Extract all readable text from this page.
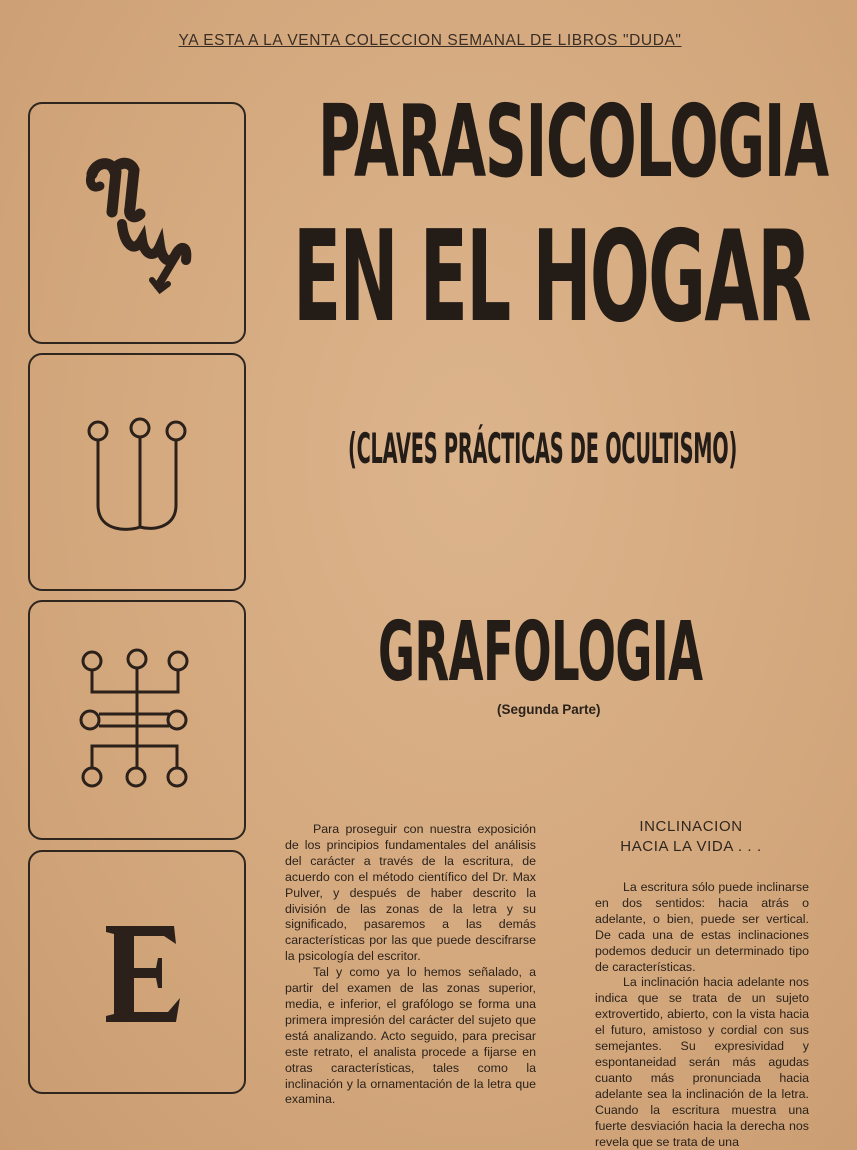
YA ESTA A LA VENTA COLECCION SEMANAL DE LIBROS "DUDA"
PARASICOLOGIA
EN EL HOGAR
(CLAVES PRÁCTICAS DE OCULTISMO)
GRAFOLOGIA
(Segunda Parte)

Para proseguir con nuestra exposición de los principios fundamentales del análisis del carácter a través de la escritura, de acuerdo con el método científico del Dr. Max Pulver, y después de haber descrito la división de las zonas de la letra y su significado, pasaremos a las demás características por las que puede descifrarse la psicología del escritor.

Tal y como ya lo hemos señalado, a partir del examen de las zonas superior, media, e inferior, el grafólogo se forma una primera impresión del carácter del sujeto que está analizando. Acto seguido, para precisar este retrato, el analista procede a fijarse en otras características, tales como la inclinación y la ornamentación de la letra que examina.

INCLINACION
HACIA LA VIDA . . .

La escritura sólo puede inclinarse en dos sentidos: hacia atrás o adelante, o bien, puede ser vertical. De cada una de estas inclinaciones podemos deducir un determinado tipo de características.

La inclinación hacia adelante nos indica que se trata de un sujeto extrovertido, abierto, con la vista hacia el futuro, amistoso y cordial con sus semejantes. Su expresividad y espontaneidad serán más agudas cuanto más pronunciada hacia adelante sea la inclinación de la letra. Cuando la escritura muestra una fuerte desviación hacia la derecha nos revela que se trata de una
